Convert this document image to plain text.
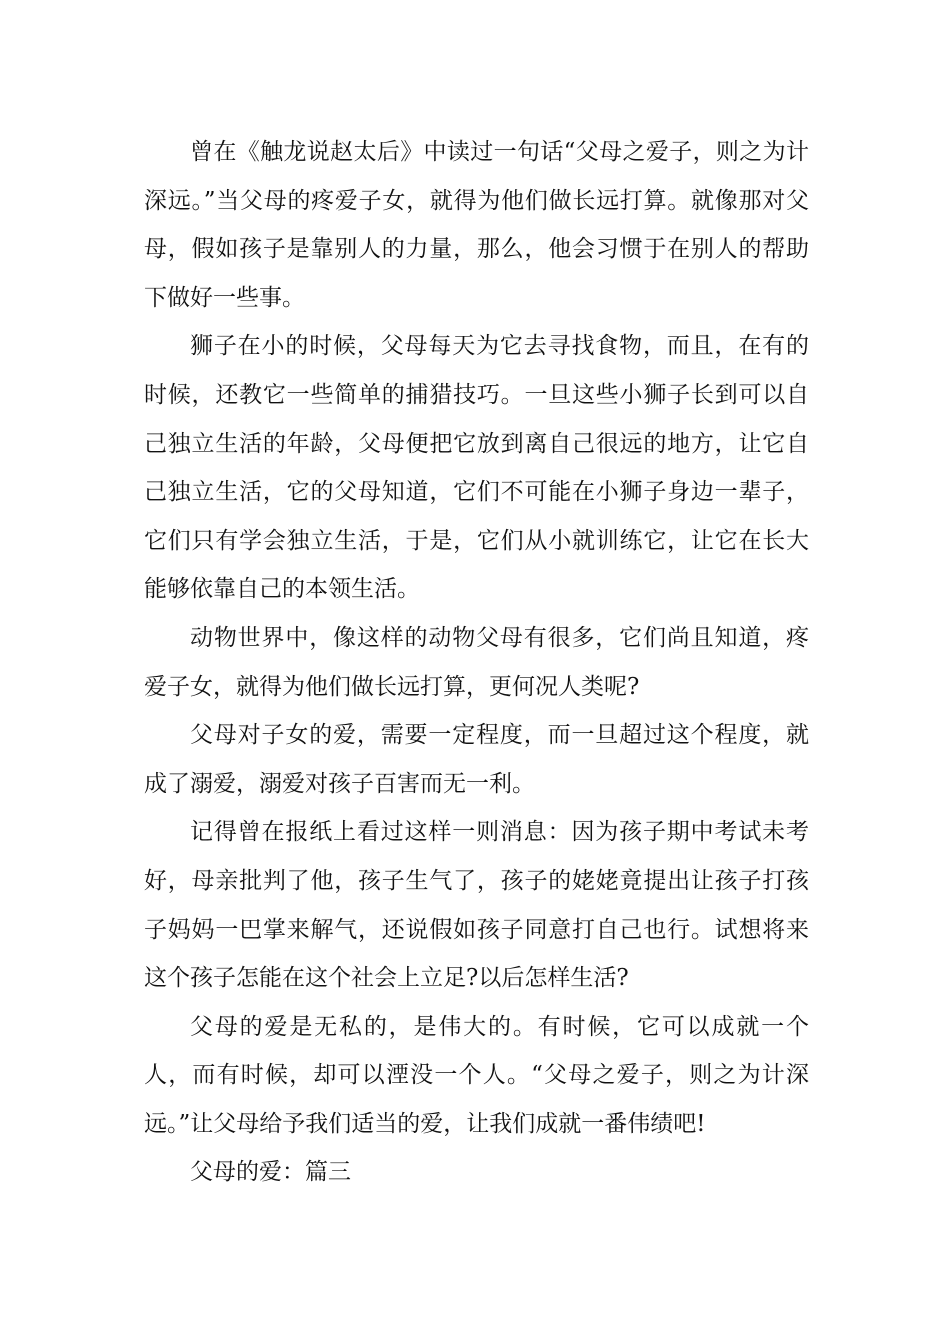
曾在《触龙说赵太后》中读过一句话“父母之爱子，则之为计深远。”当父母的疼爱子女，就得为他们做长远打算。就像那对父母，假如孩子是靠别人的力量，那么，他会习惯于在别人的帮助下做好一些事。

狮子在小的时候，父母每天为它去寻找食物，而且，在有的时候，还教它一些简单的捕猎技巧。一旦这些小狮子长到可以自己独立生活的年龄，父母便把它放到离自己很远的地方，让它自己独立生活，它的父母知道，它们不可能在小狮子身边一辈子，它们只有学会独立生活，于是，它们从小就训练它，让它在长大能够依靠自己的本领生活。

动物世界中，像这样的动物父母有很多，它们尚且知道，疼爱子女，就得为他们做长远打算，更何况人类呢?

父母对子女的爱，需要一定程度，而一旦超过这个程度，就成了溺爱，溺爱对孩子百害而无一利。

记得曾在报纸上看过这样一则消息：因为孩子期中考试未考好，母亲批判了他，孩子生气了，孩子的姥姥竟提出让孩子打孩子妈妈一巴掌来解气，还说假如孩子同意打自己也行。试想将来这个孩子怎能在这个社会上立足?以后怎样生活?

父母的爱是无私的，是伟大的。有时候，它可以成就一个人，而有时候，却可以湮没一个人。“父母之爱子，则之为计深远。”让父母给予我们适当的爱，让我们成就一番伟绩吧!

父母的爱：篇三
